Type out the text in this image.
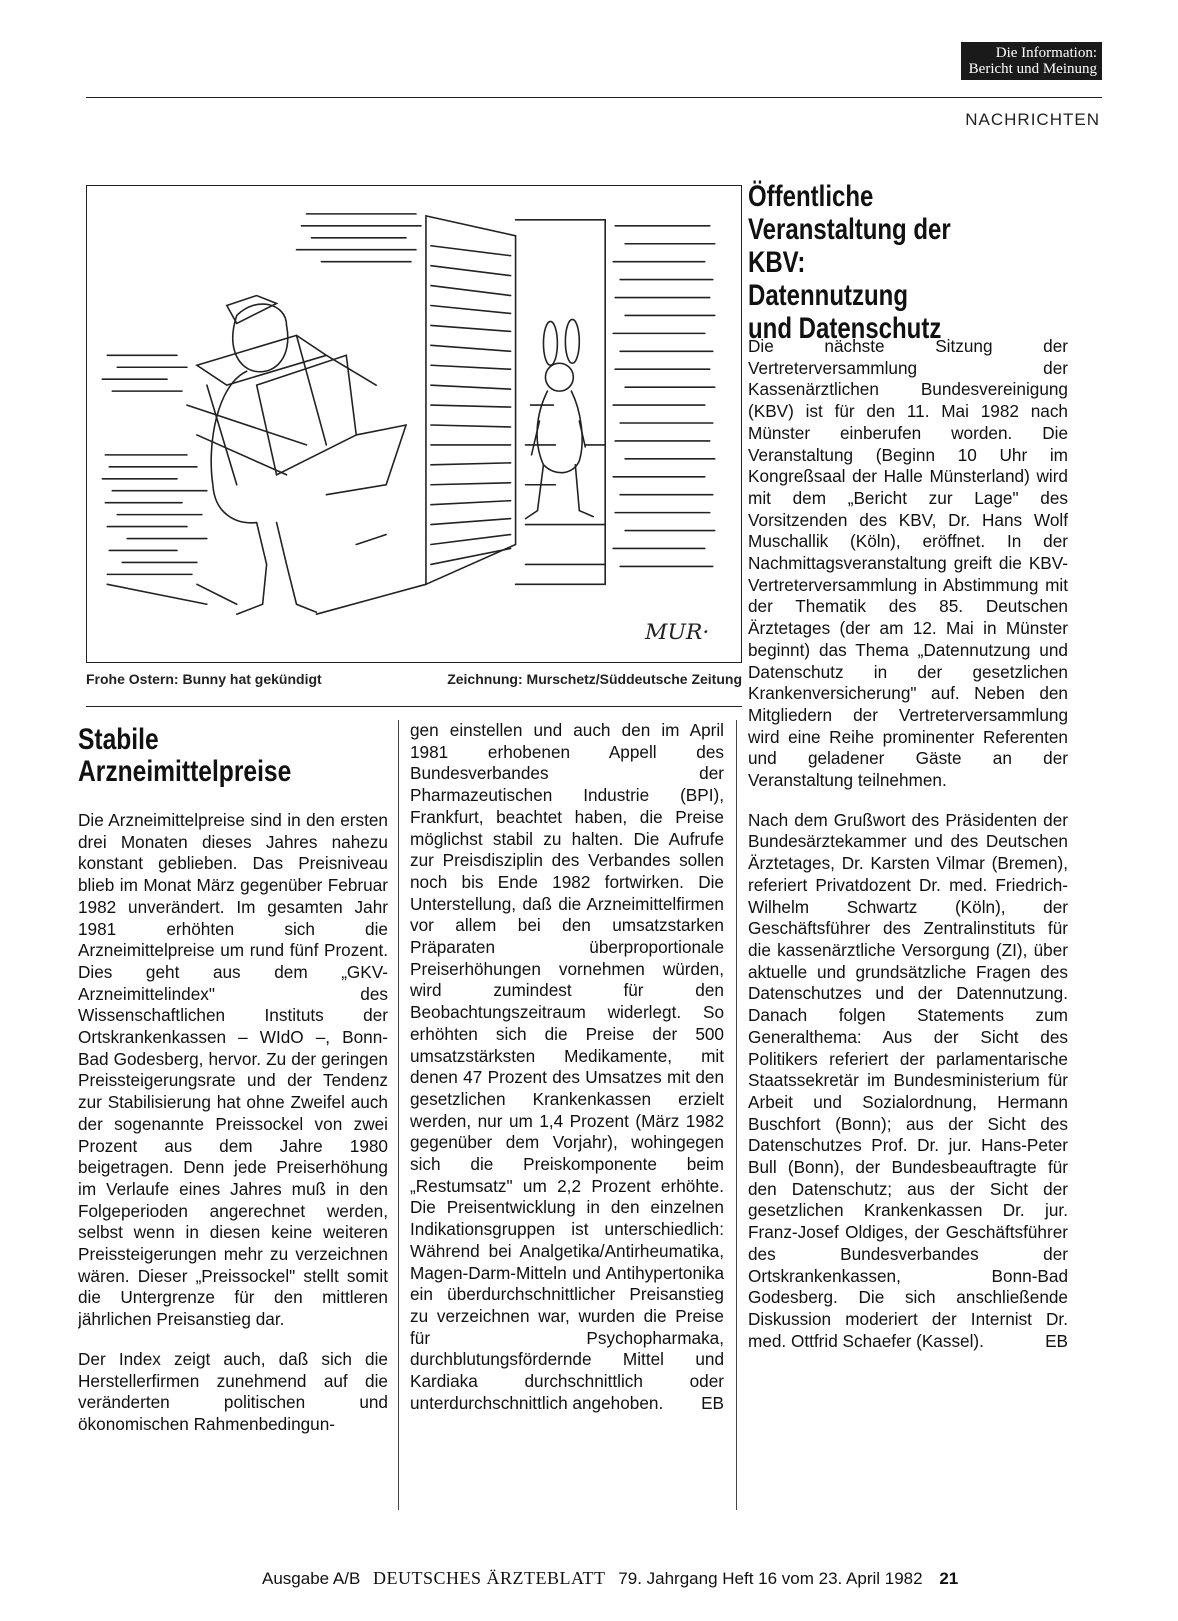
Die Information:
Bericht und Meinung
NACHRICHTEN
MUR·
Frohe Ostern: Bunny hat gekündigt	Zeichnung: Murschetz/Süddeutsche Zeitung
Stabile
Arzneimittelpreise

Die Arzneimittelpreise sind in den ersten drei Monaten dieses Jahres nahezu konstant geblieben. Das Preisniveau blieb im Monat März gegenüber Februar 1982 unverändert. Im gesamten Jahr 1981 erhöhten sich die Arzneimittelpreise um rund fünf Prozent. Dies geht aus dem „GKV-Arzneimittelindex" des Wissenschaftlichen Instituts der Ortskrankenkassen – WIdO –, Bonn-Bad Godesberg, hervor. Zu der geringen Preissteigerungsrate und der Tendenz zur Stabilisierung hat ohne Zweifel auch der sogenannte Preissockel von zwei Prozent aus dem Jahre 1980 beigetragen. Denn jede Preiserhöhung im Verlaufe eines Jahres muß in den Folgeperioden angerechnet werden, selbst wenn in diesen keine weiteren Preissteigerungen mehr zu verzeichnen wären. Dieser „Preissockel" stellt somit die Untergrenze für den mittleren jährlichen Preisanstieg dar.

Der Index zeigt auch, daß sich die Herstellerfirmen zunehmend auf die veränderten politischen und ökonomischen Rahmenbedingun-

gen einstellen und auch den im April 1981 erhobenen Appell des Bundesverbandes der Pharmazeutischen Industrie (BPI), Frankfurt, beachtet haben, die Preise möglichst stabil zu halten. Die Aufrufe zur Preisdisziplin des Verbandes sollen noch bis Ende 1982 fortwirken. Die Unterstellung, daß die Arzneimittelfirmen vor allem bei den umsatzstarken Präparaten überproportionale Preiserhöhungen vornehmen würden, wird zumindest für den Beobachtungszeitraum widerlegt. So erhöhten sich die Preise der 500 umsatzstärksten Medikamente, mit denen 47 Prozent des Umsatzes mit den gesetzlichen Krankenkassen erzielt werden, nur um 1,4 Prozent (März 1982 gegenüber dem Vorjahr), wohingegen sich die Preiskomponente beim „Restumsatz" um 2,2 Prozent erhöhte. Die Preisentwicklung in den einzelnen Indikationsgruppen ist unterschiedlich: Während bei Analgetika/Antirheumatika, Magen-Darm-Mitteln und Antihypertonika ein überdurchschnittlicher Preisanstieg zu verzeichnen war, wurden die Preise für Psychopharmaka, durchblutungsfördernde Mittel und Kardiaka durchschnittlich oder unterdurchschnittlich angehoben. EB

Öffentliche
Veranstaltung der KBV:
Datennutzung
und Datenschutz

Die nächste Sitzung der Vertreterversammlung der Kassenärztlichen Bundesvereinigung (KBV) ist für den 11. Mai 1982 nach Münster einberufen worden. Die Veranstaltung (Beginn 10 Uhr im Kongreßsaal der Halle Münsterland) wird mit dem „Bericht zur Lage" des Vorsitzenden des KBV, Dr. Hans Wolf Muschallik (Köln), eröffnet. In der Nachmittagsveranstaltung greift die KBV-Vertreterversammlung in Abstimmung mit der Thematik des 85. Deutschen Ärztetages (der am 12. Mai in Münster beginnt) das Thema „Datennutzung und Datenschutz in der gesetzlichen Krankenversicherung" auf. Neben den Mitgliedern der Vertreterversammlung wird eine Reihe prominenter Referenten und geladener Gäste an der Veranstaltung teilnehmen.

Nach dem Grußwort des Präsidenten der Bundesärztekammer und des Deutschen Ärztetages, Dr. Karsten Vilmar (Bremen), referiert Privatdozent Dr. med. Friedrich-Wilhelm Schwartz (Köln), der Geschäftsführer des Zentralinstituts für die kassenärztliche Versorgung (ZI), über aktuelle und grundsätzliche Fragen des Datenschutzes und der Datennutzung. Danach folgen Statements zum Generalthema: Aus der Sicht des Politikers referiert der parlamentarische Staatssekretär im Bundesministerium für Arbeit und Sozialordnung, Hermann Buschfort (Bonn); aus der Sicht des Datenschutzes Prof. Dr. jur. Hans-Peter Bull (Bonn), der Bundesbeauftragte für den Datenschutz; aus der Sicht der gesetzlichen Krankenkassen Dr. jur. Franz-Josef Oldiges, der Geschäftsführer des Bundesverbandes der Ortskrankenkassen, Bonn-Bad Godesberg. Die sich anschließende Diskussion moderiert der Internist Dr. med. Ottfrid Schaefer (Kassel).	EB

Ausgabe A/B DEUTSCHES ÄRZTEBLATT 79. Jahrgang Heft 16 vom 23. April 1982 21
